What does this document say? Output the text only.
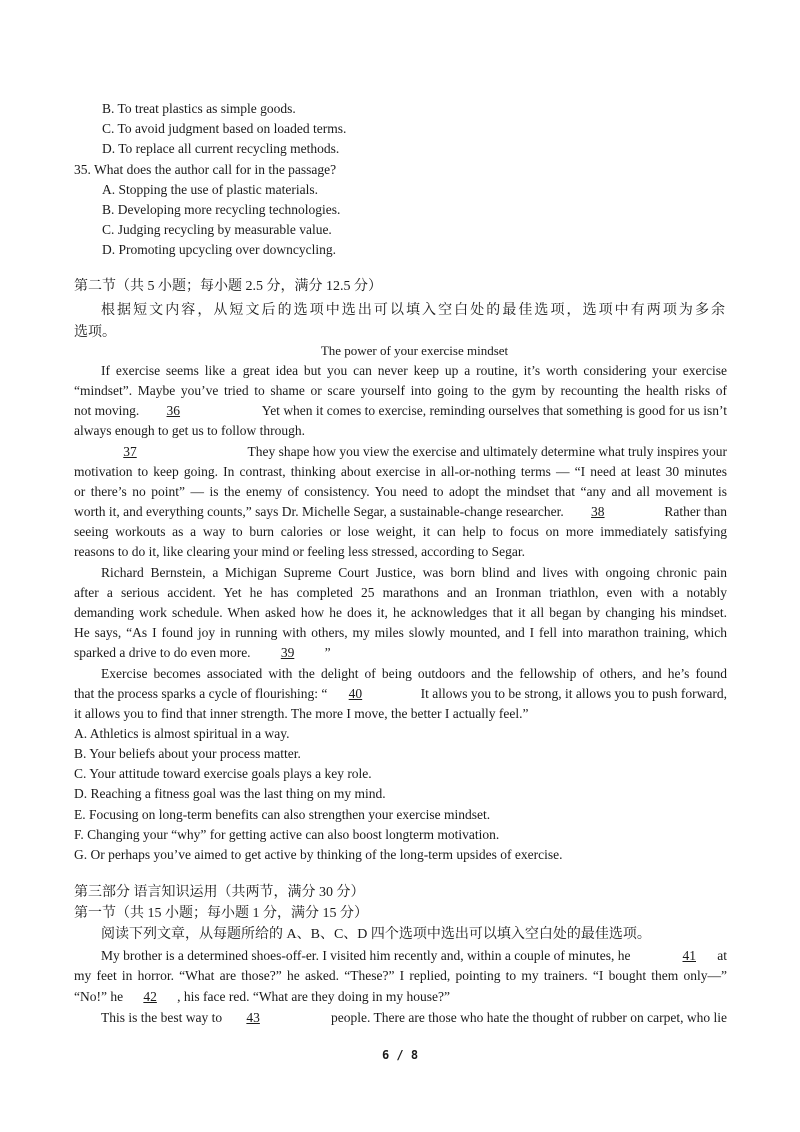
B. To treat plastics as simple goods.
C. To avoid judgment based on loaded terms.
D. To replace all current recycling methods.
35. What does the author call for in the passage?
A. Stopping the use of plastic materials.
B. Developing more recycling technologies.
C. Judging recycling by measurable value.
D. Promoting upcycling over downcycling.
第二节（共 5 小题；每小题 2.5 分，满分 12.5 分）
根据短文内容，从短文后的选项中选出可以填入空白处的最佳选项，选项中有两项为多余
选项。
The power of your exercise mindset
If exercise seems like a great idea but you can never keep up a routine, it’s worth considering your exercise
“mindset”. Maybe you’ve tried to shame or scare yourself into going to the gym by recounting the health risks of
not moving.	36	Yet when it comes to exercise, reminding ourselves that something is good for us isn’t
always enough to get us to follow through.
37	They shape how you view the exercise and ultimately determine what truly inspires your
motivation to keep going. In contrast, thinking about exercise in all-or-nothing terms — “I need at least 30 minutes
or there’s no point” — is the enemy of consistency. You need to adopt the mindset that “any and all movement is
worth it, and everything counts,” says Dr. Michelle Segar, a sustainable-change researcher.	38	Rather than
seeing workouts as a way to burn calories or lose weight, it can help to focus on more immediately satisfying
reasons to do it, like clearing your mind or feeling less stressed, according to Segar.
Richard Bernstein, a Michigan Supreme Court Justice, was born blind and lives with ongoing chronic pain
after a serious accident. Yet he has completed 25 marathons and an Ironman triathlon, even with a notably
demanding work schedule. When asked how he does it, he acknowledges that it all began by changing his mindset.
He says, “As I found joy in running with others, my miles slowly mounted, and I fell into marathon training, which
sparked a drive to do even more.	39	”
Exercise becomes associated with the delight of being outdoors and the fellowship of others, and he’s found
that the process sparks a cycle of flourishing: “	40	It allows you to be strong, it allows you to push forward,
it allows you to find that inner strength. The more I move, the better I actually feel.”
A. Athletics is almost spiritual in a way.
B. Your beliefs about your process matter.
C. Your attitude toward exercise goals plays a key role.
D. Reaching a fitness goal was the last thing on my mind.
E. Focusing on long-term benefits can also strengthen your exercise mindset.
F. Changing your “why” for getting active can also boost longterm motivation.
G. Or perhaps you’ve aimed to get active by thinking of the long-term upsides of exercise.
第三部分 语言知识运用（共两节，满分 30 分）
第一节（共 15 小题；每小题 1 分，满分 15 分）
阅读下列文章，从每题所给的 A、B、C、D 四个选项中选出可以填入空白处的最佳选项。
My brother is a determined shoes-off-er. I visited him recently and, within a couple of minutes, he	41	at
my feet in horror. “What are those?” he asked. “These?” I replied, pointing to my trainers. “I bought them only—”
“No!” he	42	, his face red. “What are they doing in my house?”
This is the best way to	43	people. There are those who hate the thought of rubber on carpet, who lie
6 / 8
